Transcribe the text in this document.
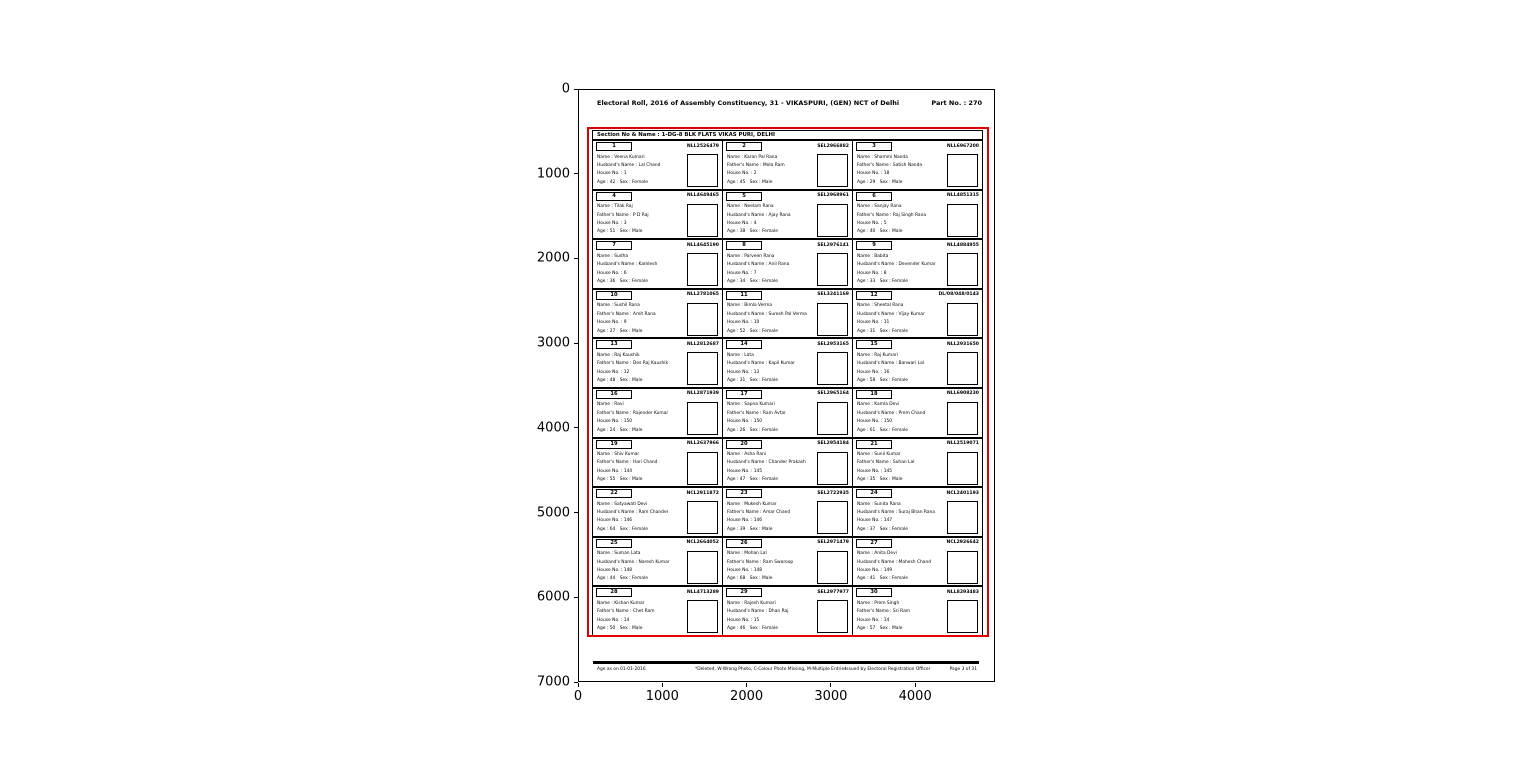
0
1000
2000
3000
4000
5000
6000
7000
0	1000	2000	3000	4000
Electoral Roll, 2016 of Assembly Constituency, 31 - VIKASPURI, (GEN) NCT of Delhi	Part No. : 270
Section No & Name : 1-DG-8 BLK FLATS VIKAS PURI, DELHI
1	NLL2526479
Name : Veena Kumari
Husband's Name : Lal Chand
House No. : 1
Age : 42 Sex : Female
2	SEL2966882
Name : Karan Pal Rana
Father's Name : Mela Ram
House No. : 2
Age : 45 Sex : Male
3	NLL6967200
Name : Shammi Nanda
Father's Name : Satish Nanda
House No. : 18
Age : 29 Sex : Male
4	NLL4649465
Name : Tilak Raj
Father's Name : P D Raj
House No. : 3
Age : 51 Sex : Male
5	SEL2968961
Name : Neelam Rana
Husband's Name : Ajay Rana
House No. : 4
Age : 38 Sex : Female
6	NLL4851315
Name : Sanjay Rana
Father's Name : Raj Singh Rana
House No. : 5
Age : 40 Sex : Male
7	NLL4645190
Name : Sudha
Husband's Name : Kamlesh
House No. : 6
Age : 36 Sex : Female
8	SEL2976141
Name : Parveen Rana
Husband's Name : Anil Rana
House No. : 7
Age : 34 Sex : Female
9	NLL4884955
Name : Babita
Husband's Name : Devender Kumar
House No. : 8
Age : 33 Sex : Female
10	NLL2781065
Name : Sushil Rana
Father's Name : Amit Rana
House No. : 9
Age : 27 Sex : Male
11	SEL3241169
Name : Bimla Verma
Husband's Name : Suresh Pal Verma
House No. : 10
Age : 52 Sex : Female
12	DL/08/048/0143
Name : Sheetal Rana
Husband's Name : Vijay Kumar
House No. : 11
Age : 31 Sex : Female
13	NLL2812687
Name : Raj Kaushik
Father's Name : Des Raj Kaushik
House No. : 12
Age : 48 Sex : Male
14	SEL2953165
Name : Lata
Husband's Name : Kapil Kumar
House No. : 13
Age : 31 Sex : Female
15	NLL2931650
Name : Raj Kumari
Husband's Name : Banwari Lal
House No. : 16
Age : 58 Sex : Female
16	NLL2871939
Name : Ravi
Father's Name : Rajender Kumar
House No. : 150
Age : 24 Sex : Male
17	SEL2965164
Name : Sapna Kumari
Father's Name : Ram Avtar
House No. : 150
Age : 26 Sex : Female
18	NLL6908230
Name : Kamla Devi
Husband's Name : Prem Chand
House No. : 150
Age : 61 Sex : Female
19	NLL2637966
Name : Shiv Kumar
Father's Name : Hari Chand
House No. : 144
Age : 55 Sex : Male
20	SEL2954184
Name : Asha Rani
Husband's Name : Chander Prakash
House No. : 145
Age : 47 Sex : Female
21	NLL2519071
Name : Sunil Kumar
Father's Name : Sohan Lal
House No. : 145
Age : 35 Sex : Male
22	NCL2911872
Name : Satyawati Devi
Husband's Name : Ram Chander
House No. : 146
Age : 64 Sex : Female
23	SEL2722935
Name : Mukesh Kumar
Father's Name : Amar Chand
House No. : 146
Age : 39 Sex : Male
24	NCL2401193
Name : Sunita Rana
Husband's Name : Suraj Bhan Rana
House No. : 147
Age : 37 Sex : Female
25	NCL2664052
Name : Suman Lata
Husband's Name : Naresh Kumar
House No. : 148
Age : 44 Sex : Female
26	SEL2971479
Name : Mohan Lal
Father's Name : Ram Swaroop
House No. : 148
Age : 68 Sex : Male
27	NCL2926642
Name : Anita Devi
Husband's Name : Mahesh Chand
House No. : 149
Age : 41 Sex : Female
28	NLL4713289
Name : Kishan Kumar
Father's Name : Chet Ram
House No. : 14
Age : 50 Sex : Male
29	SEL2977977
Name : Rajesh Kumari
Husband's Name : Dhan Raj
House No. : 15
Age : 46 Sex : Female
30	NLL8293483
Name : Prem Singh
Father's Name : Sri Ram
House No. : 14
Age : 57 Sex : Male
Age as on 01-01-2016	*Deleted, W-Wrong Photo, C-Colour Photo Missing, M-Multiple Entries
Issued by Electoral Registration Officer	Page 3 of 31
